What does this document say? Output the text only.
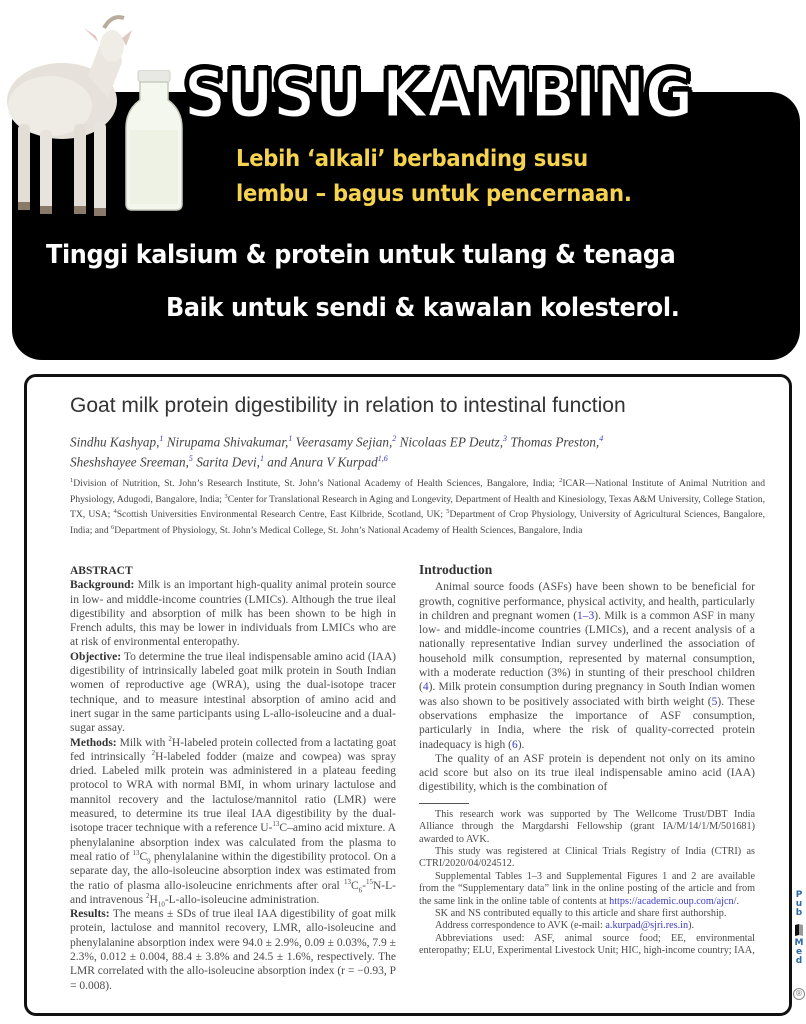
SUSU KAMBING
Lebih ‘alkali’ berbanding susu
lembu – bagus untuk pencernaan.
Tinggi kalsium & protein untuk tulang & tenaga
Baik untuk sendi & kawalan kolesterol.
Goat milk protein digestibility in relation to intestinal function
Sindhu Kashyap,$^1$ Nirupama Shivakumar,$^1$ Veerasamy Sejian,$^2$ Nicolaas EP Deutz,$^3$ Thomas Preston,$^4$
Sheshshayee Sreeman,$^5$ Sarita Devi,$^1$ and Anura V Kurpad$^{1,6}$
$^1$Division of Nutrition, St. John’s Research Institute, St. John’s National Academy of Health Sciences, Bangalore, India; $^2$ICAR—National Institute of Animal Nutrition and Physiology, Adugodi, Bangalore, India; $^3$Center for Translational Research in Aging and Longevity, Department of Health and Kinesiology, Texas A&M University, College Station, TX, USA; $^4$Scottish Universities Environmental Research Centre, East Kilbride, Scotland, UK; $^5$Department of Crop Physiology, University of Agricultural Sciences, Bangalore, India; and $^6$Department of Physiology, St. John’s Medical College, St. John’s National Academy of Health Sciences, Bangalore, India
ABSTRACT

Background: Milk is an important high-quality animal protein source in low- and middle-income countries (LMICs). Although the true ileal digestibility and absorption of milk has been shown to be high in French adults, this may be lower in individuals from LMICs who are at risk of environmental enteropathy.

Objective: To determine the true ileal indispensable amino acid (IAA) digestibility of intrinsically labeled goat milk protein in South Indian women of reproductive age (WRA), using the dual-isotope tracer technique, and to measure intestinal absorption of amino acid and inert sugar in the same participants using L-allo-isoleucine and a dual-sugar assay.

Methods: Milk with $^2$H-labeled protein collected from a lactating goat fed intrinsically $^2$H-labeled fodder (maize and cowpea) was spray dried. Labeled milk protein was administered in a plateau feeding protocol to WRA with normal BMI, in whom urinary lactulose and mannitol recovery and the lactulose/mannitol ratio (LMR) were measured, to determine its true ileal IAA digestibility by the dual-isotope tracer technique with a reference U-$^{13}$C–amino acid mixture. A phenylalanine absorption index was calculated from the plasma to meal ratio of $^{13}C_9$ phenylalanine within the digestibility protocol. On a separate day, the allo-isoleucine absorption index was estimated from the ratio of plasma allo-isoleucine enrichments after oral $^{13}C_6-^{15}N-L-$ and intravenous $^2H_{10}-L-allo$-isoleucine administration.

Results: The means ± SDs of true ileal IAA digestibility of goat milk protein, lactulose and mannitol recovery, LMR, allo-isoleucine and phenylalanine absorption index were 94.0 ± 2.9%, 0.09 ± 0.03%, 7.9 ± 2.3%, 0.012 ± 0.004, 88.4 ± 3.8% and 24.5 ± 1.6%, respectively. The LMR correlated with the allo-isoleucine absorption index (r = −0.93, P = 0.008).

Introduction

Animal source foods (ASFs) have been shown to be beneficial for growth, cognitive performance, physical activity, and health, particularly in children and pregnant women (1–3). Milk is a common ASF in many low- and middle-income countries (LMICs), and a recent analysis of a nationally representative Indian survey underlined the association of household milk consumption, represented by maternal consumption, with a moderate reduction (3%) in stunting of their preschool children (4). Milk protein consumption during pregnancy in South Indian women was also shown to be positively associated with birth weight (5). These observations emphasize the importance of ASF consumption, particularly in India, where the risk of quality-corrected protein inadequacy is high (6).

The quality of an ASF protein is dependent not only on its amino acid score but also on its true ileal indispensable amino acid (IAA) digestibility, which is the combination of

This research work was supported by The Wellcome Trust/DBT India Alliance through the Margdarshi Fellowship (grant IA/M/14/1/M/501681) awarded to AVK.

This study was registered at Clinical Trials Registry of India (CTRI) as CTRI/2020/04/024512.

Supplemental Tables 1–3 and Supplemental Figures 1 and 2 are available from the “Supplementary data” link in the online posting of the article and from the same link in the online table of contents at https://academic.oup.com/ajcn/.

SK and NS contributed equally to this article and share first authorship.

Address correspondence to AVK (e-mail: a.kurpad@sjri.res.in).

Abbreviations used: ASF, animal source food; EE, environmental enteropathy; ELU, Experimental Livestock Unit; HIC, high-income country; IAA,

Pub
Med
®
